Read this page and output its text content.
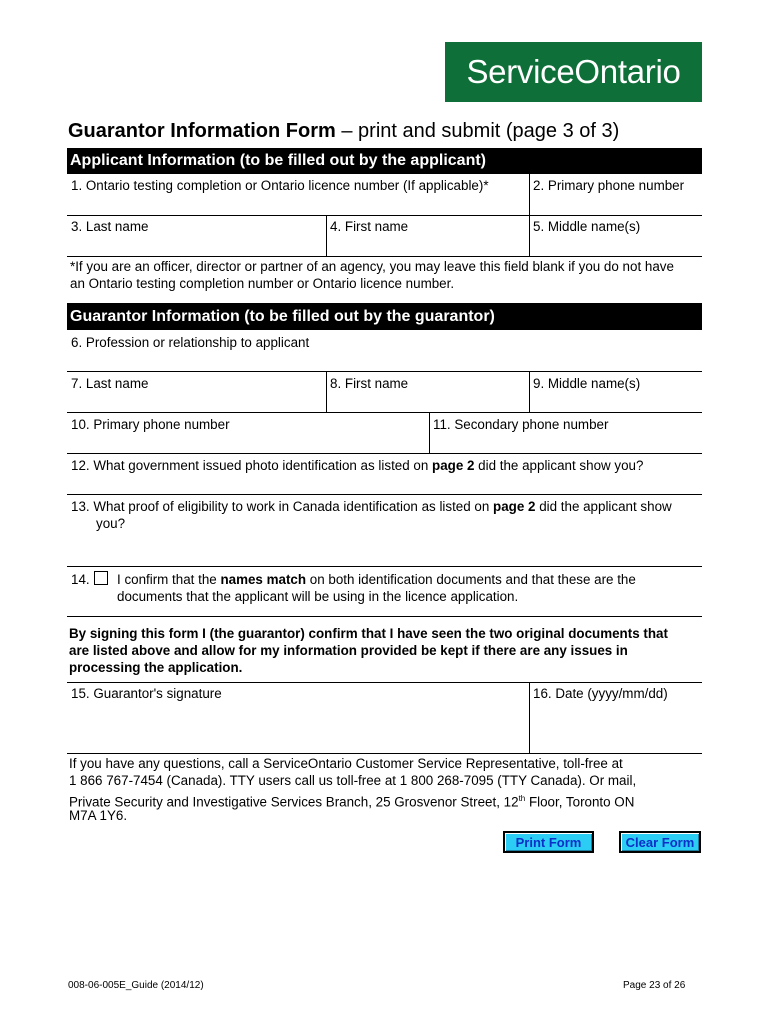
ServiceOntario
Guarantor Information Form – print and submit (page 3 of 3)
Applicant Information (to be filled out by the applicant)
1. Ontario testing completion or Ontario licence number (If applicable)*	2. Primary phone number
3. Last name	4. First name	5. Middle name(s)
*If you are an officer, director or partner of an agency, you may leave this field blank if you do not have
an Ontario testing completion number or Ontario licence number.
Guarantor Information (to be filled out by the guarantor)
6. Profession or relationship to applicant
7. Last name	8. First name	9. Middle name(s)
10. Primary phone number	11. Secondary phone number
12. What government issued photo identification as listed on page 2 did the applicant show you?
13. What proof of eligibility to work in Canada identification as listed on page 2 did the applicant show
you?
14. I confirm that the names match on both identification documents and that these are the
documents that the applicant will be using in the licence application.
By signing this form I (the guarantor) confirm that I have seen the two original documents that
are listed above and allow for my information provided be kept if there are any issues in
processing the application.
15. Guarantor's signature	16. Date (yyyy/mm/dd)
If you have any questions, call a ServiceOntario Customer Service Representative, toll-free at
1 866 767-7454 (Canada). TTY users call us toll-free at 1 800 268-7095 (TTY Canada). Or mail,
Private Security and Investigative Services Branch, 25 Grosvenor Street, 12th Floor, Toronto ON
M7A 1Y6.
Print Form	Clear Form
008-06-005E_Guide (2014/12)	Page 23 of 26
